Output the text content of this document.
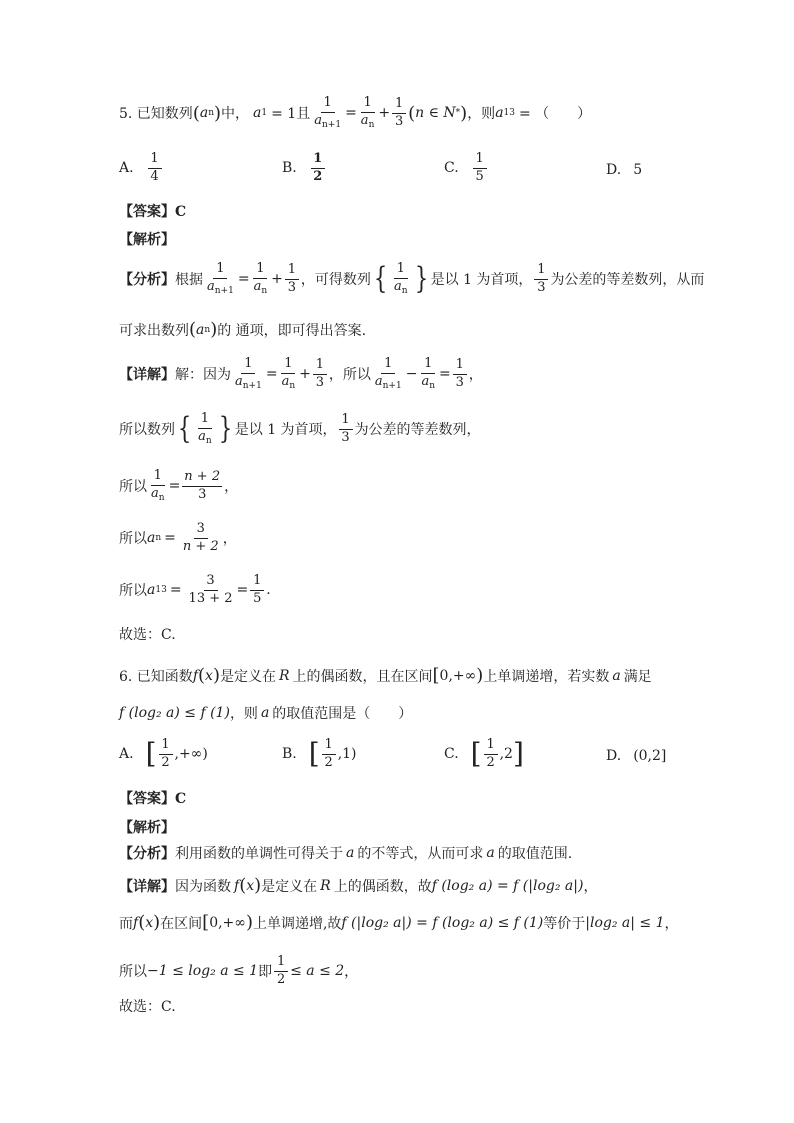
5. 已知数列 ( a n ) 中， a 1 = 1且 $\frac{1}{a_{n+1}} = \frac{1}{a_n} + \frac{1}{3}$ ( n ∈ N * ) ，则 a 13 = （　　）
A. $\frac{1}{4}$	B. $\frac{1}{2}$	C. $\frac{1}{5}$	D. 5
【答案】C
【解析】
【分析】 根据 $\frac{1}{a_{n+1}} = \frac{1}{a_n} + \frac{1}{3}$ ，可得数列 { $\frac{1}{a_n}$ } 是以 1 为首项， $\frac{1}{3}$ 为公差的等差数列，从而
可求出数列 ( a n ) 的 通项，即可得出答案.
【详解】 解：因为 $\frac{1}{a_{n+1}} = \frac{1}{a_n} + \frac{1}{3}$ ，所以 $\frac{1}{a_{n+1}} - \frac{1}{a_n} = \frac{1}{3}$ ，
所以数列 { $\frac{1}{a_n}$ } 是以 1 为首项， $\frac{1}{3}$ 为公差的等差数列，
所以 $\frac{1}{a_n} = \frac{n + 2}{3}$ ，
所以 a $n = \frac{3}{n + 2}$ ，
所以 a $13 = \frac{3}{13 + 2} = \frac{1}{5}$ .
故选：C.
6. 已知函数 f ( x ) 是定义在 R 上的偶函数，且在区间 [ 0,+∞ ) 上单调递增，若实数 a 满足
f (log₂ a) ≤ f (1) ，则 a 的取值范围是（　　）
A. [ $\frac{1}{2}$ ,+∞)	B. [ $\frac{1}{2} ,1$)	C. [ $\frac{1}{2} ,2$ ]	D. (0,2]
【答案】C
【解析】
【分析】 利用函数的单调性可得关于 a 的不等式，从而可求 a 的取值范围.
【详解】 因为函数 f ( x ) 是定义在 R 上的偶函数，故 f (log₂ a) = f (|log₂ a|) ，
而 f ( x ) 在区间 [ 0,+∞ ) 上单调递增,故 f (|log₂ a|) = f (log₂ a) ≤ f (1) 等价于 |log₂ a| ≤ 1 ，
所以 −1 ≤ log₂ a ≤ 1 即 $\frac{1}{2} \le a \le 2$ ，
故选：C.
